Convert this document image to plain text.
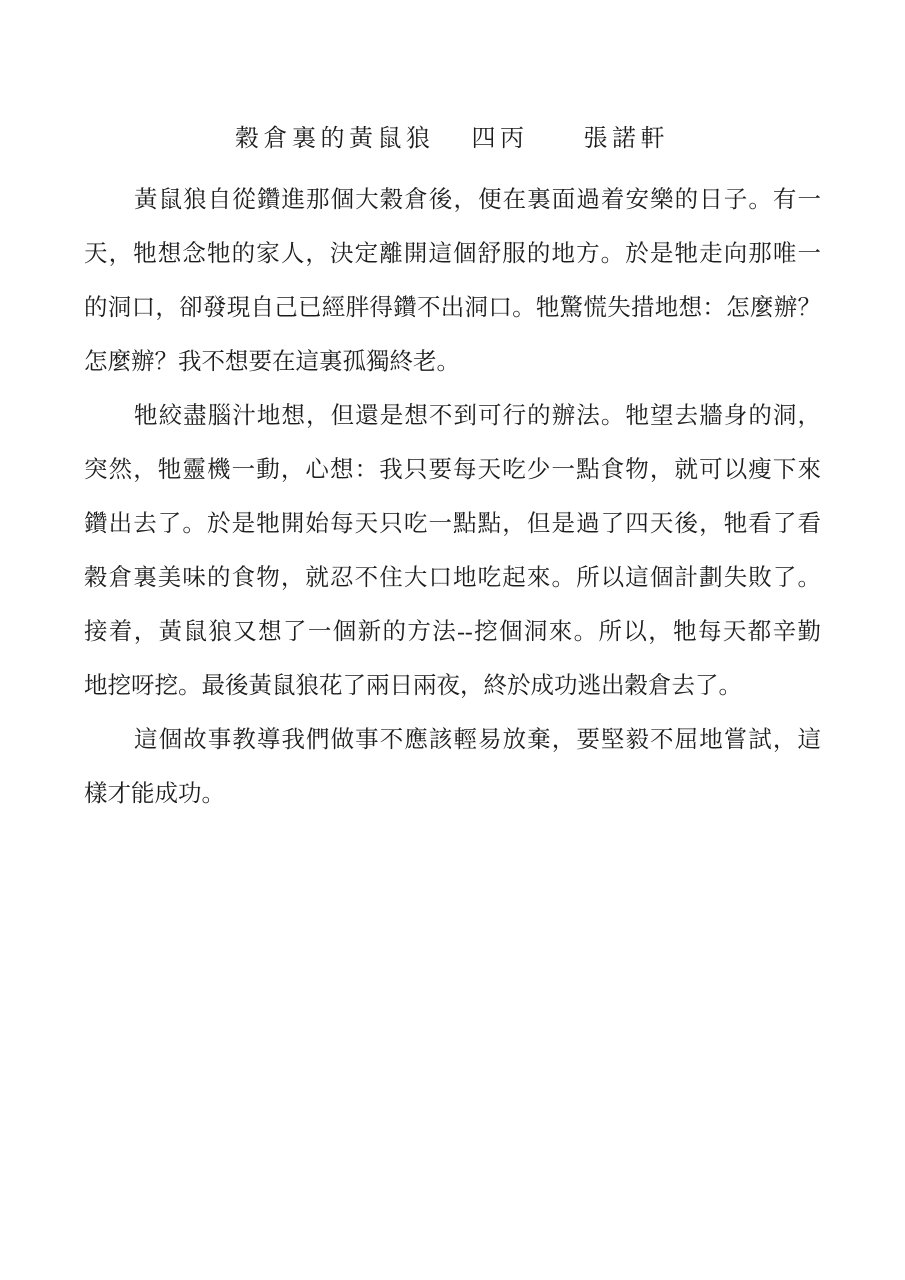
穀倉裏的黃鼠狼 四丙 張諾軒
黃鼠狼自從鑽進那個大穀倉後，便在裏面過着安樂的日子。有一
天，牠想念牠的家人，決定離開這個舒服的地方。於是牠走向那唯一
的洞口，卻發現自己已經胖得鑽不出洞口。牠驚慌失措地想：怎麼辦？
怎麼辦？我不想要在這裏孤獨終老。
牠絞盡腦汁地想，但還是想不到可行的辦法。牠望去牆身的洞，
突然，牠靈機一動，心想：我只要每天吃少一點食物，就可以瘦下來
鑽出去了。於是牠開始每天只吃一點點，但是過了四天後，牠看了看
穀倉裏美味的食物，就忍不住大口地吃起來。所以這個計劃失敗了。
接着，黃鼠狼又想了一個新的方法--挖個洞來。所以，牠每天都辛勤
地挖呀挖。最後黃鼠狼花了兩日兩夜，終於成功逃出穀倉去了。
這個故事教導我們做事不應該輕易放棄，要堅毅不屈地嘗試，這
樣才能成功。
